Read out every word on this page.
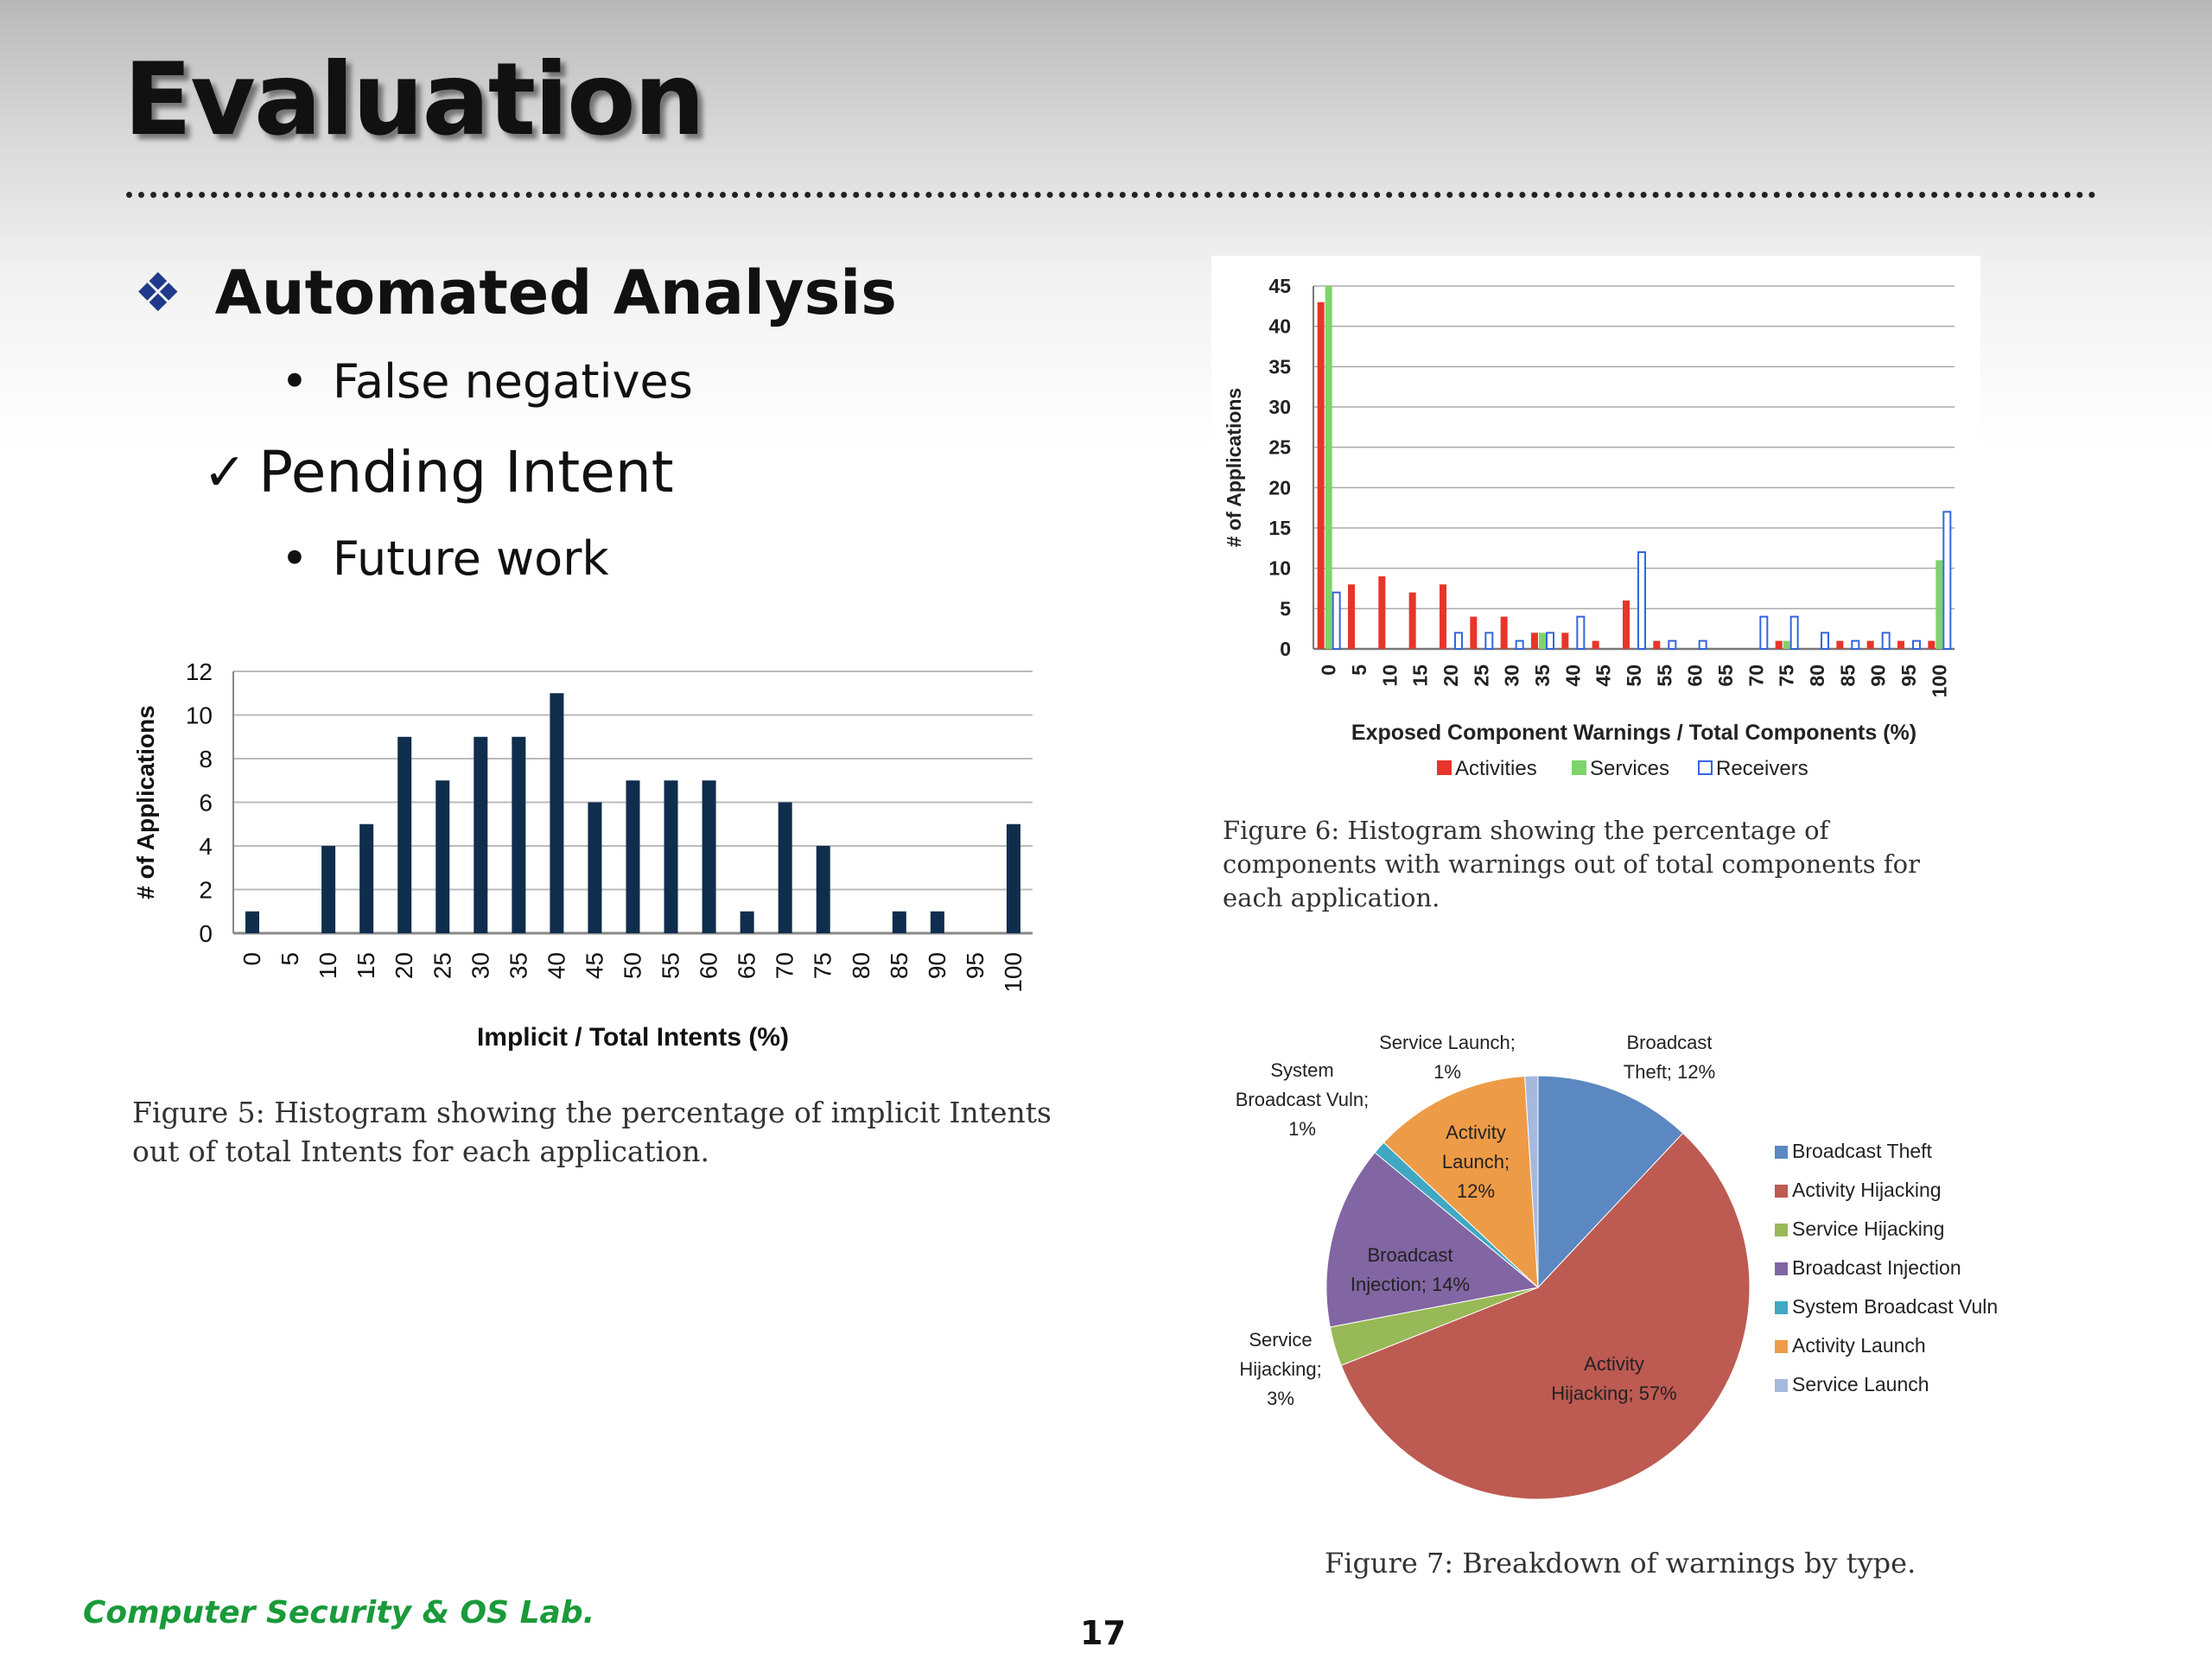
Evaluation
❖ Automated Analysis
• False negatives
✓ Pending Intent
• Future work
0
2
4
6
8
10
12
0 5 10 15 20 25 30 35 40 45 50 55 60 65 70 75 80 85 90 95 100
Implicit / Total Intents (%)
# of Applications
Figure 5: Histogram showing the percentage of implicit Intents out of total Intents for each application.
0
5
10
15
20
25
30
35
40
45
0 5 10 15 20 25 30 35 40 45 50 55 60 65 70 75 80 85 90 95 100
Exposed Component Warnings / Total Components (%)
# of Applications
Activities	Services Receivers
Figure 6: Histogram showing the percentage of components with warnings out of total components for each application.
Broadcast Theft; 12%
Activity Hijacking; 57%
Service Hijacking; 3%
Broadcast Injection; 14%
System Broadcast Vuln; 1%	Activity Launch; 12%
Service Launch; 1%
Broadcast Theft
Activity Hijacking
Service Hijacking
Broadcast Injection
System Broadcast Vuln
Activity Launch
Service Launch
Figure 7: Breakdown of warnings by type.
Computer Security & OS Lab.
17
